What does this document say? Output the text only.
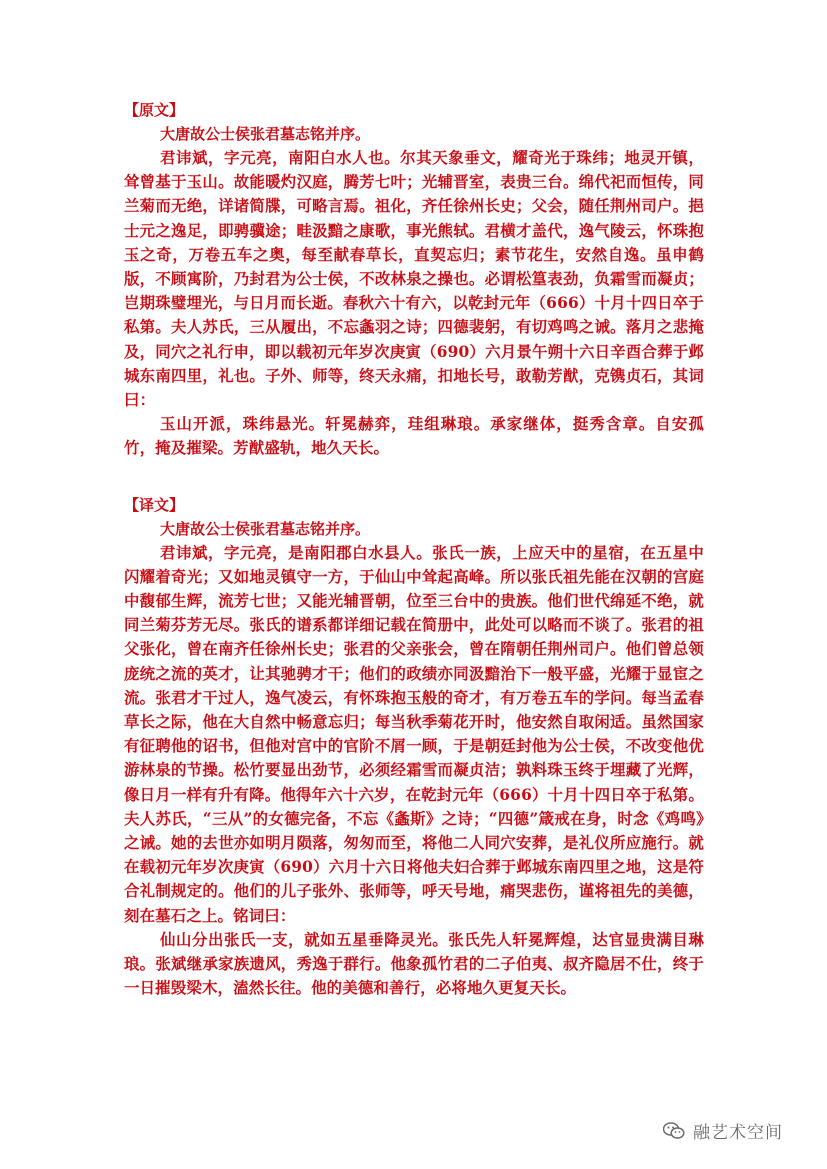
【原文】
大唐故公士侯张君墓志铭并序。

君讳斌，字元亮，南阳白水人也。尔其天象垂文，耀奇光于珠纬；地灵开镇，耸曾基于玉山。故能暖灼汉庭，腾芳七叶；光辅晋室，表贵三台。绵代祀而恒传，同兰菊而无绝，详诸简牒，可略言焉。祖化，齐任徐州长史；父会，随任荆州司户。挹士元之逸足，即骋骥途；畦汲黯之康歌，事光熊轼。君横才盖代，逸气陵云，怀珠抱玉之奇，万卷五车之奥，每至献春草长，直契忘归；素节花生，安然自逸。虽申鹤版，不顾寓阶，乃封君为公士侯，不改林泉之操也。必谓松篁表劲，负霜雪而凝贞；岂期珠璧埋光，与日月而长逝。春秋六十有六，以乾封元年（666）十月十四日卒于私第。夫人苏氏，三从履出，不忘螽羽之诗；四德裴躬，有切鸡鸣之诫。落月之悲掩及，同穴之礼行申，即以载初元年岁次庚寅（690）六月景午朔十六日辛酉合葬于邺城东南四里，礼也。子外、师等，终天永痛，扣地长号，敢勒芳猷，克镌贞石，其词曰：

玉山开派，珠纬悬光。轩冕赫弈，珪组琳琅。承家继体，挺秀含章。自安孤竹，掩及摧梁。芳猷盛轨，地久天长。

【译文】
大唐故公士侯张君墓志铭并序。

君讳斌，字元亮，是南阳郡白水县人。张氏一族，上应天中的星宿，在五星中闪耀着奇光；又如地灵镇守一方，于仙山中耸起高峰。所以张氏祖先能在汉朝的宫庭中馥郁生辉，流芳七世；又能光辅晋朝，位至三台中的贵族。他们世代绵延不绝，就同兰菊芬芳无尽。张氏的谱系都详细记载在简册中，此处可以略而不谈了。张君的祖父张化，曾在南齐任徐州长史；张君的父亲张会，曾在隋朝任荆州司户。他们曾总领庞统之流的英才，让其驰骋才干；他们的政绩亦同汲黯治下一般平盛，光耀于显宦之流。张君才干过人，逸气凌云，有怀珠抱玉般的奇才，有万卷五车的学问。每当孟春草长之际，他在大自然中畅意忘归；每当秋季菊花开时，他安然自取闲适。虽然国家有征聘他的诏书，但他对宫中的官阶不屑一顾，于是朝廷封他为公士侯，不改变他优游林泉的节操。松竹要显出劲节，必须经霜雪而凝贞洁；孰料珠玉终于埋藏了光辉，像日月一样有升有降。他得年六十六岁，在乾封元年（666）十月十四日卒于私第。夫人苏氏，“三从”的女德完备，不忘《螽斯》之诗；“四德”箴戒在身，时念《鸡鸣》之诫。她的去世亦如明月陨落，匆匆而至，将他二人同穴安葬，是礼仪所应施行。就在载初元年岁次庚寅（690）六月十六日将他夫妇合葬于邺城东南四里之地，这是符合礼制规定的。他们的儿子张外、张师等，呼天号地，痛哭悲伤，谨将祖先的美德，刻在墓石之上。铭词曰：

仙山分出张氏一支，就如五星垂降灵光。张氏先人轩冕辉煌，达官显贵满目琳琅。张斌继承家族遗风，秀逸于群行。他象孤竹君的二子伯夷、叔齐隐居不仕，终于一日摧毁梁木，溘然长往。他的美德和善行，必将地久更复天长。

融艺术空间
